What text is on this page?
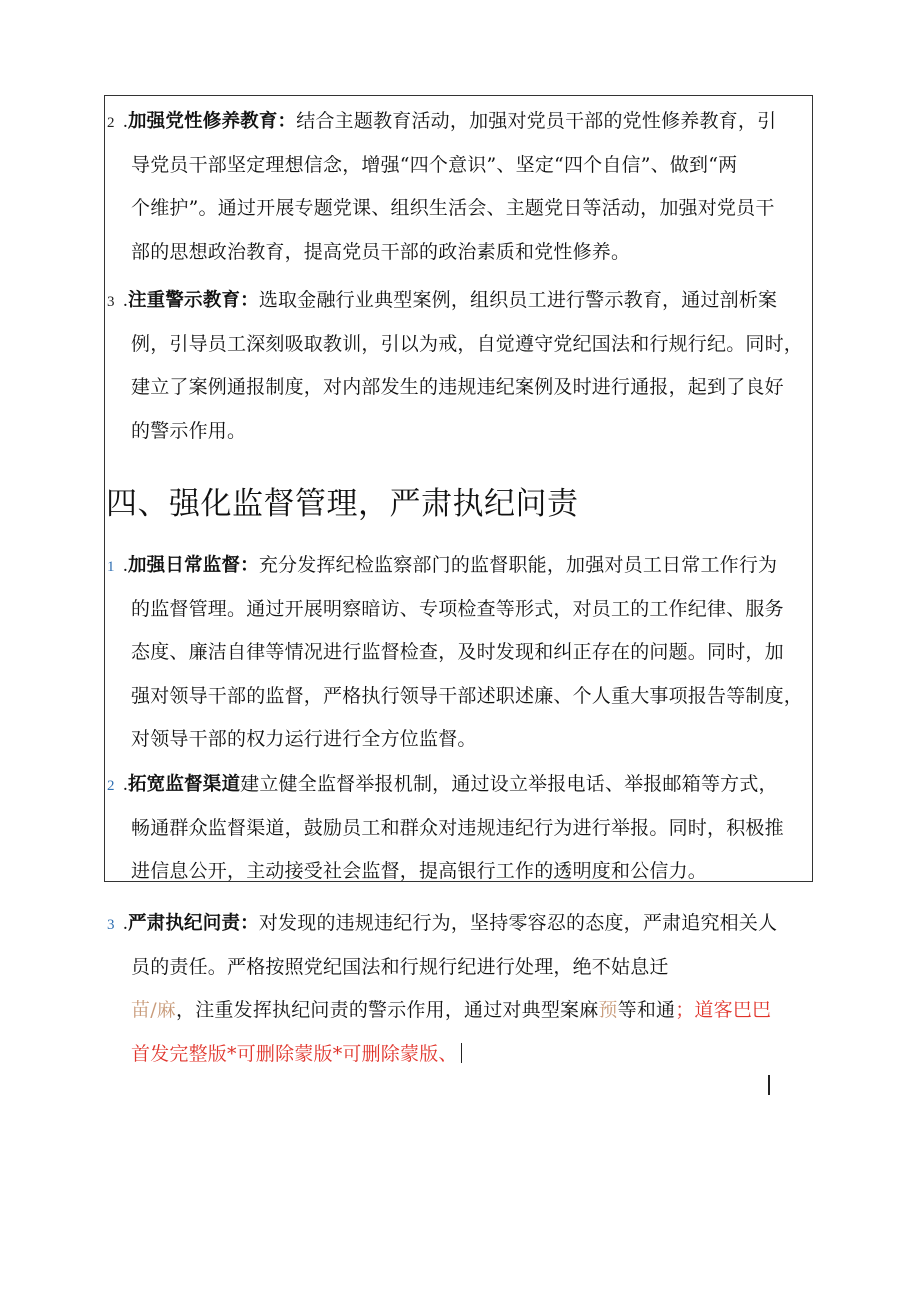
2 .加强党性修养教育：结合主题教育活动，加强对党员干部的党性修养教育，引
导党员干部坚定理想信念，增强“四个意识”、坚定“四个自信”、做到“两
个维护”。通过开展专题党课、组织生活会、主题党日等活动，加强对党员干
部的思想政治教育，提高党员干部的政治素质和党性修养。
3 .注重警示教育：选取金融行业典型案例，组织员工进行警示教育，通过剖析案
例，引导员工深刻吸取教训，引以为戒，自觉遵守党纪国法和行规行纪。同时，
建立了案例通报制度，对内部发生的违规违纪案例及时进行通报，起到了良好
的警示作用。
四、强化监督管理，严肃执纪问责
1 .加强日常监督：充分发挥纪检监察部门的监督职能，加强对员工日常工作行为
的监督管理。通过开展明察暗访、专项检查等形式，对员工的工作纪律、服务
态度、廉洁自律等情况进行监督检查，及时发现和纠正存在的问题。同时，加
强对领导干部的监督，严格执行领导干部述职述廉、个人重大事项报告等制度，
对领导干部的权力运行进行全方位监督。
2 .拓宽监督渠道建立健全监督举报机制，通过设立举报电话、举报邮箱等方式，
畅通群众监督渠道，鼓励员工和群众对违规违纪行为进行举报。同时，积极推
进信息公开，主动接受社会监督，提高银行工作的透明度和公信力。
3 .严肃执纪问责：对发现的违规违纪行为，坚持零容忍的态度，严肃追究相关人
员的责任。严格按照党纪国法和行规行纪进行处理，绝不姑息迁
苗/麻，注重发挥执纪问责的警示作用，通过对典型案麻预等和通；道客巴巴
首发完整版*可删除蒙版*可删除蒙版、
